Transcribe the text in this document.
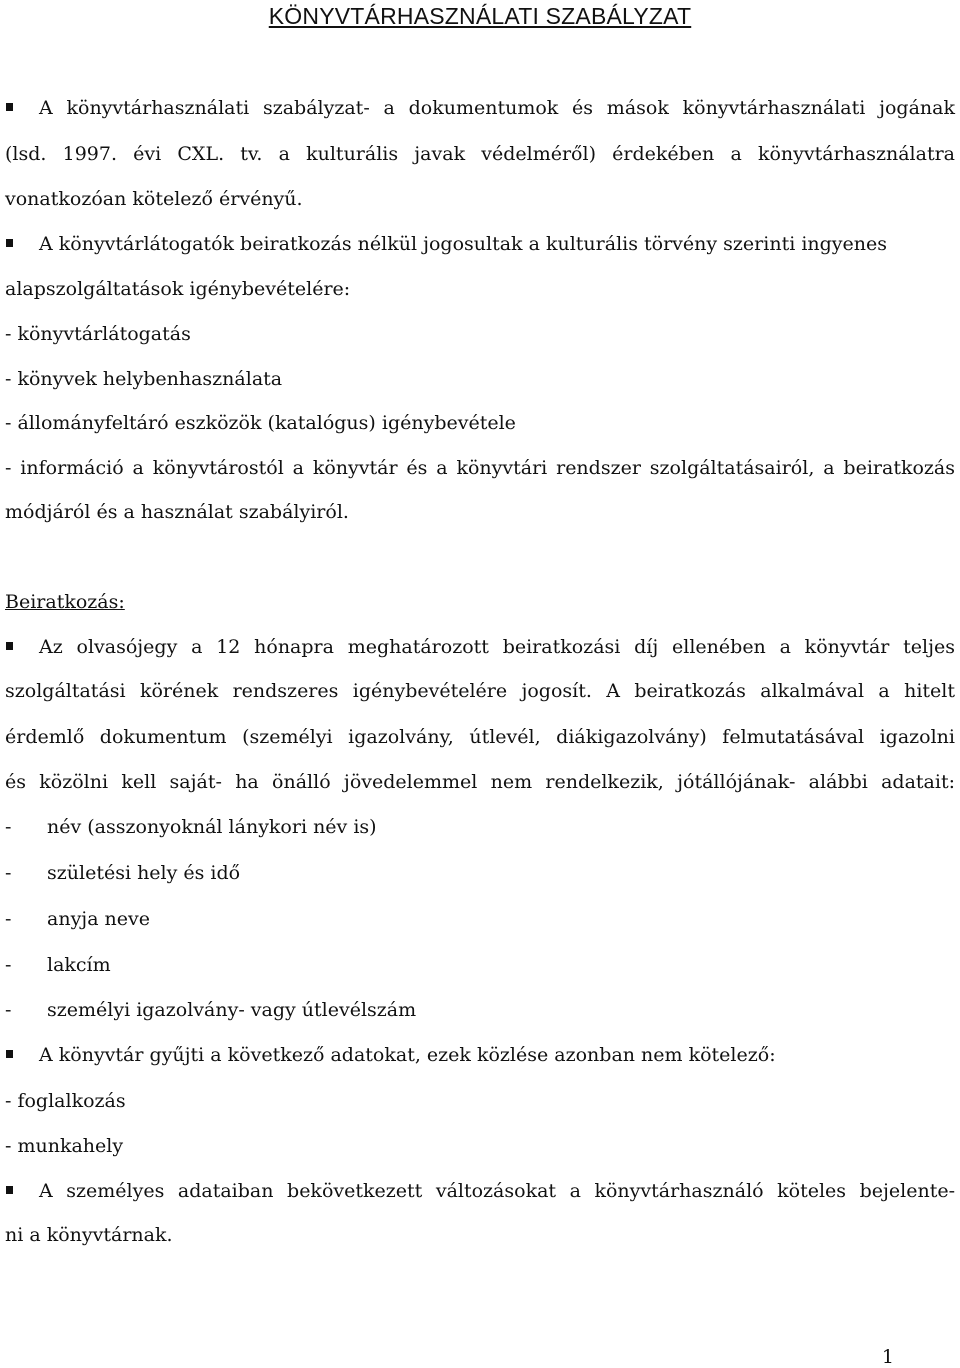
KÖNYVTÁRHASZNÁLATI SZABÁLYZAT
A könyvtárhasználati szabályzat- a dokumentumok és mások könyvtárhasználati jogának
(lsd. 1997. évi CXL. tv. a kulturális javak védelméről) érdekében a könyvtárhasználatra
vonatkozóan kötelező érvényű.
A könyvtárlátogatók beiratkozás nélkül jogosultak a kulturális törvény szerinti ingyenes
alapszolgáltatások igénybevételére:
- könyvtárlátogatás
- könyvek helybenhasználata
- állományfeltáró eszközök (katalógus) igénybevétele
- információ a könyvtárostól a könyvtár és a könyvtári rendszer szolgáltatásairól, a beiratkozás
módjáról és a használat szabályiról.
Beiratkozás:
Az olvasójegy a 12 hónapra meghatározott beiratkozási díj ellenében a könyvtár teljes
szolgáltatási körének rendszeres igénybevételére jogosít. A beiratkozás alkalmával a hitelt
érdemlő dokumentum (személyi igazolvány, útlevél, diákigazolvány) felmutatásával igazolni
és közölni kell saját- ha önálló jövedelemmel nem rendelkezik, jótállójának- alábbi adatait:
- név (asszonyoknál lánykori név is)
- születési hely és idő
- anyja neve
- lakcím
- személyi igazolvány- vagy útlevélszám
A könyvtár gyűjti a következő adatokat, ezek közlése azonban nem kötelező:
- foglalkozás
- munkahely
A személyes adataiban bekövetkezett változásokat a könyvtárhasználó köteles bejelente-
ni a könyvtárnak.
1
